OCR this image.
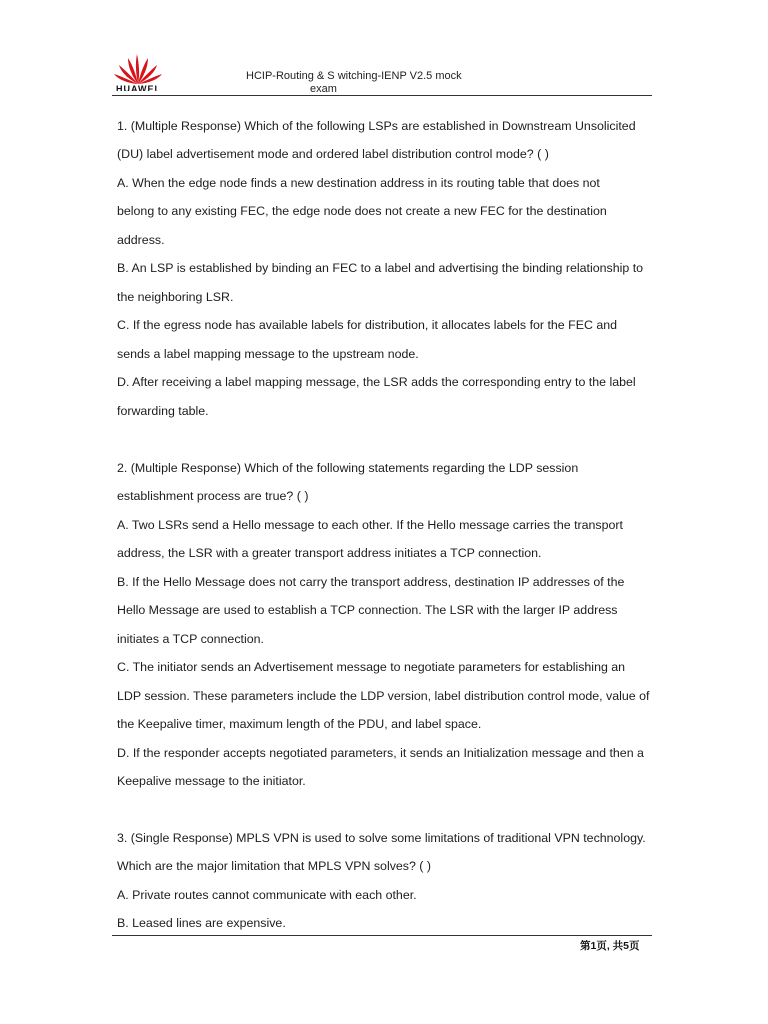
HUAWEI
HCIP-Routing & S witching-IENP V2.5 mock
exam
1. (Multiple Response) Which of the following LSPs are established in Downstream Unsolicited
(DU) label advertisement mode and ordered label distribution control mode? ( )
A. When the edge node finds a new destination address in its routing table that does not
belong to any existing FEC, the edge node does not create a new FEC for the destination
address.
B. An LSP is established by binding an FEC to a label and advertising the binding relationship to
the neighboring LSR.
C. If the egress node has available labels for distribution, it allocates labels for the FEC and
sends a label mapping message to the upstream node.
D. After receiving a label mapping message, the LSR adds the corresponding entry to the label
forwarding table.
2. (Multiple Response) Which of the following statements regarding the LDP session
establishment process are true? ( )
A. Two LSRs send a Hello message to each other. If the Hello message carries the transport
address, the LSR with a greater transport address initiates a TCP connection.
B. If the Hello Message does not carry the transport address, destination IP addresses of the
Hello Message are used to establish a TCP connection. The LSR with the larger IP address
initiates a TCP connection.
C. The initiator sends an Advertisement message to negotiate parameters for establishing an
LDP session. These parameters include the LDP version, label distribution control mode, value of
the Keepalive timer, maximum length of the PDU, and label space.
D. If the responder accepts negotiated parameters, it sends an Initialization message and then a
Keepalive message to the initiator.
3. (Single Response) MPLS VPN is used to solve some limitations of traditional VPN technology.
Which are the major limitation that MPLS VPN solves? ( )
A. Private routes cannot communicate with each other.
B. Leased lines are expensive.
第1页, 共5页
